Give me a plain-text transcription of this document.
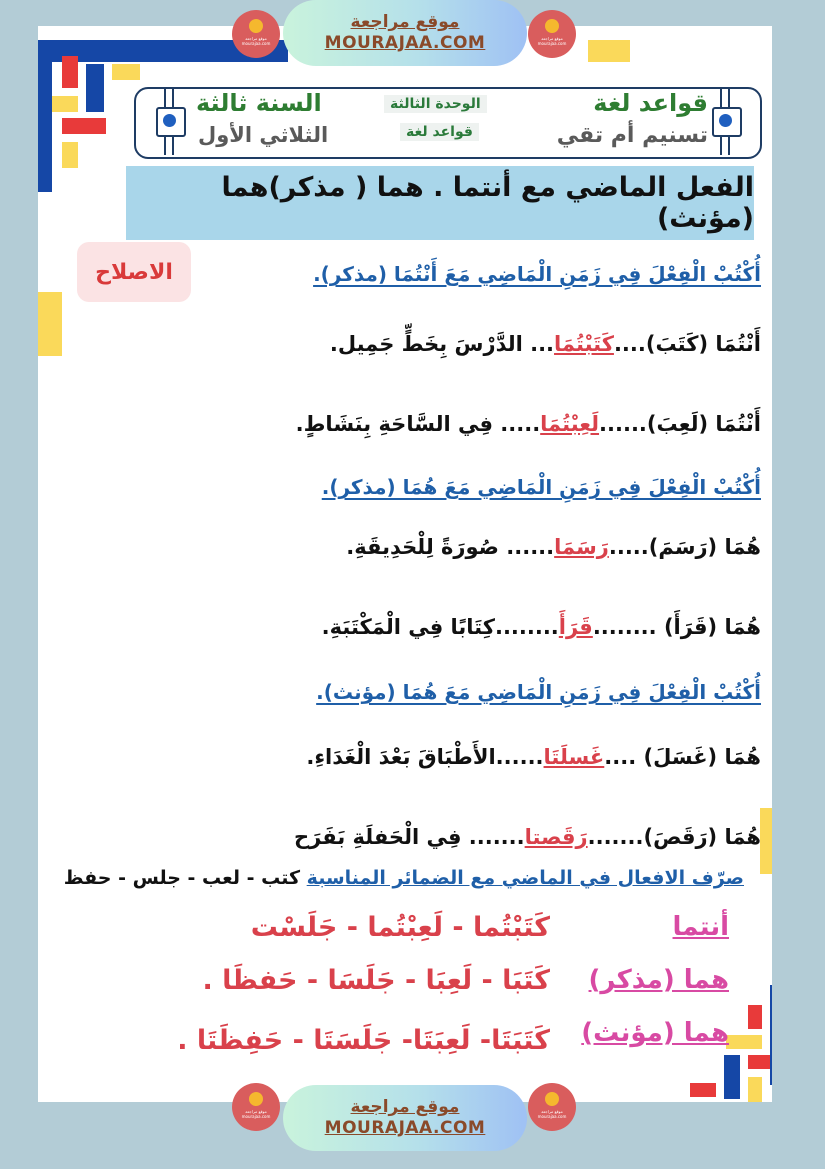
موقع مراجعة mourajaa.com
موقع مراجعة
MOURAJAA.COM	موقع مراجعة mourajaa.com
قواعد لغة
تسنيم أم تقي
الوحدة الثالثة
قواعد لغة
السنة ثالثة
الثلاثي الأول
الفعل الماضي مع أنتما . هما ( مذكر)هما (مؤنث)
الاصلاح	أُكْتُبْ الْفِعْلَ فِي زَمَنِ الْمَاضِي مَعَ أَنْتُمَا (مذكر).
أَنْتُمَا (كَتَبَ)....كَتَبْتُمَا... الدَّرْسَ بِخَطٍّ جَمِيل.
أَنْتُمَا (لَعِبَ)......لَعِبْتُمَا..... فِي السَّاحَةِ بِنَشَاطٍ.
أُكْتُبْ الْفِعْلَ فِي زَمَنِ الْمَاضِي مَعَ هُمَا (مذكر).
هُمَا (رَسَمَ).....رَسَمَا...... صُورَةً لِلْحَدِيقَةِ.
هُمَا (قَرَأَ) ........قَرَأَ........كِتَابًا فِي الْمَكْتَبَةِ.
أُكْتُبْ الْفِعْلَ فِي زَمَنِ الْمَاضِي مَعَ هُمَا (مؤنث).
هُمَا (غَسَلَ) ....غَسلَتَا......الأَطْبَاقَ بَعْدَ الْغَدَاءِ.
هُمَا (رَقَصَ).......رَقَصتا....... فِي الْحَفلَةِ بَفَرَح
صرّف الافعال في الماضي مع الضمائر المناسبة كتب - لعب - جلس - حفظ
أنتما
كَتَبْتُما - لَعِبْتُما - جَلَسْت
هما (مذكر)
كَتَبَا - لَعِبَا - جَلَسَا - حَفظَا .
هما (مؤنث)
كَتَبَتَا- لَعِبَتَا- جَلَسَتَا - حَفِظَتَا .
موقع مراجعة mourajaa.com	موقع مراجعة
MOURAJAA.COM
موقع مراجعة mourajaa.com
